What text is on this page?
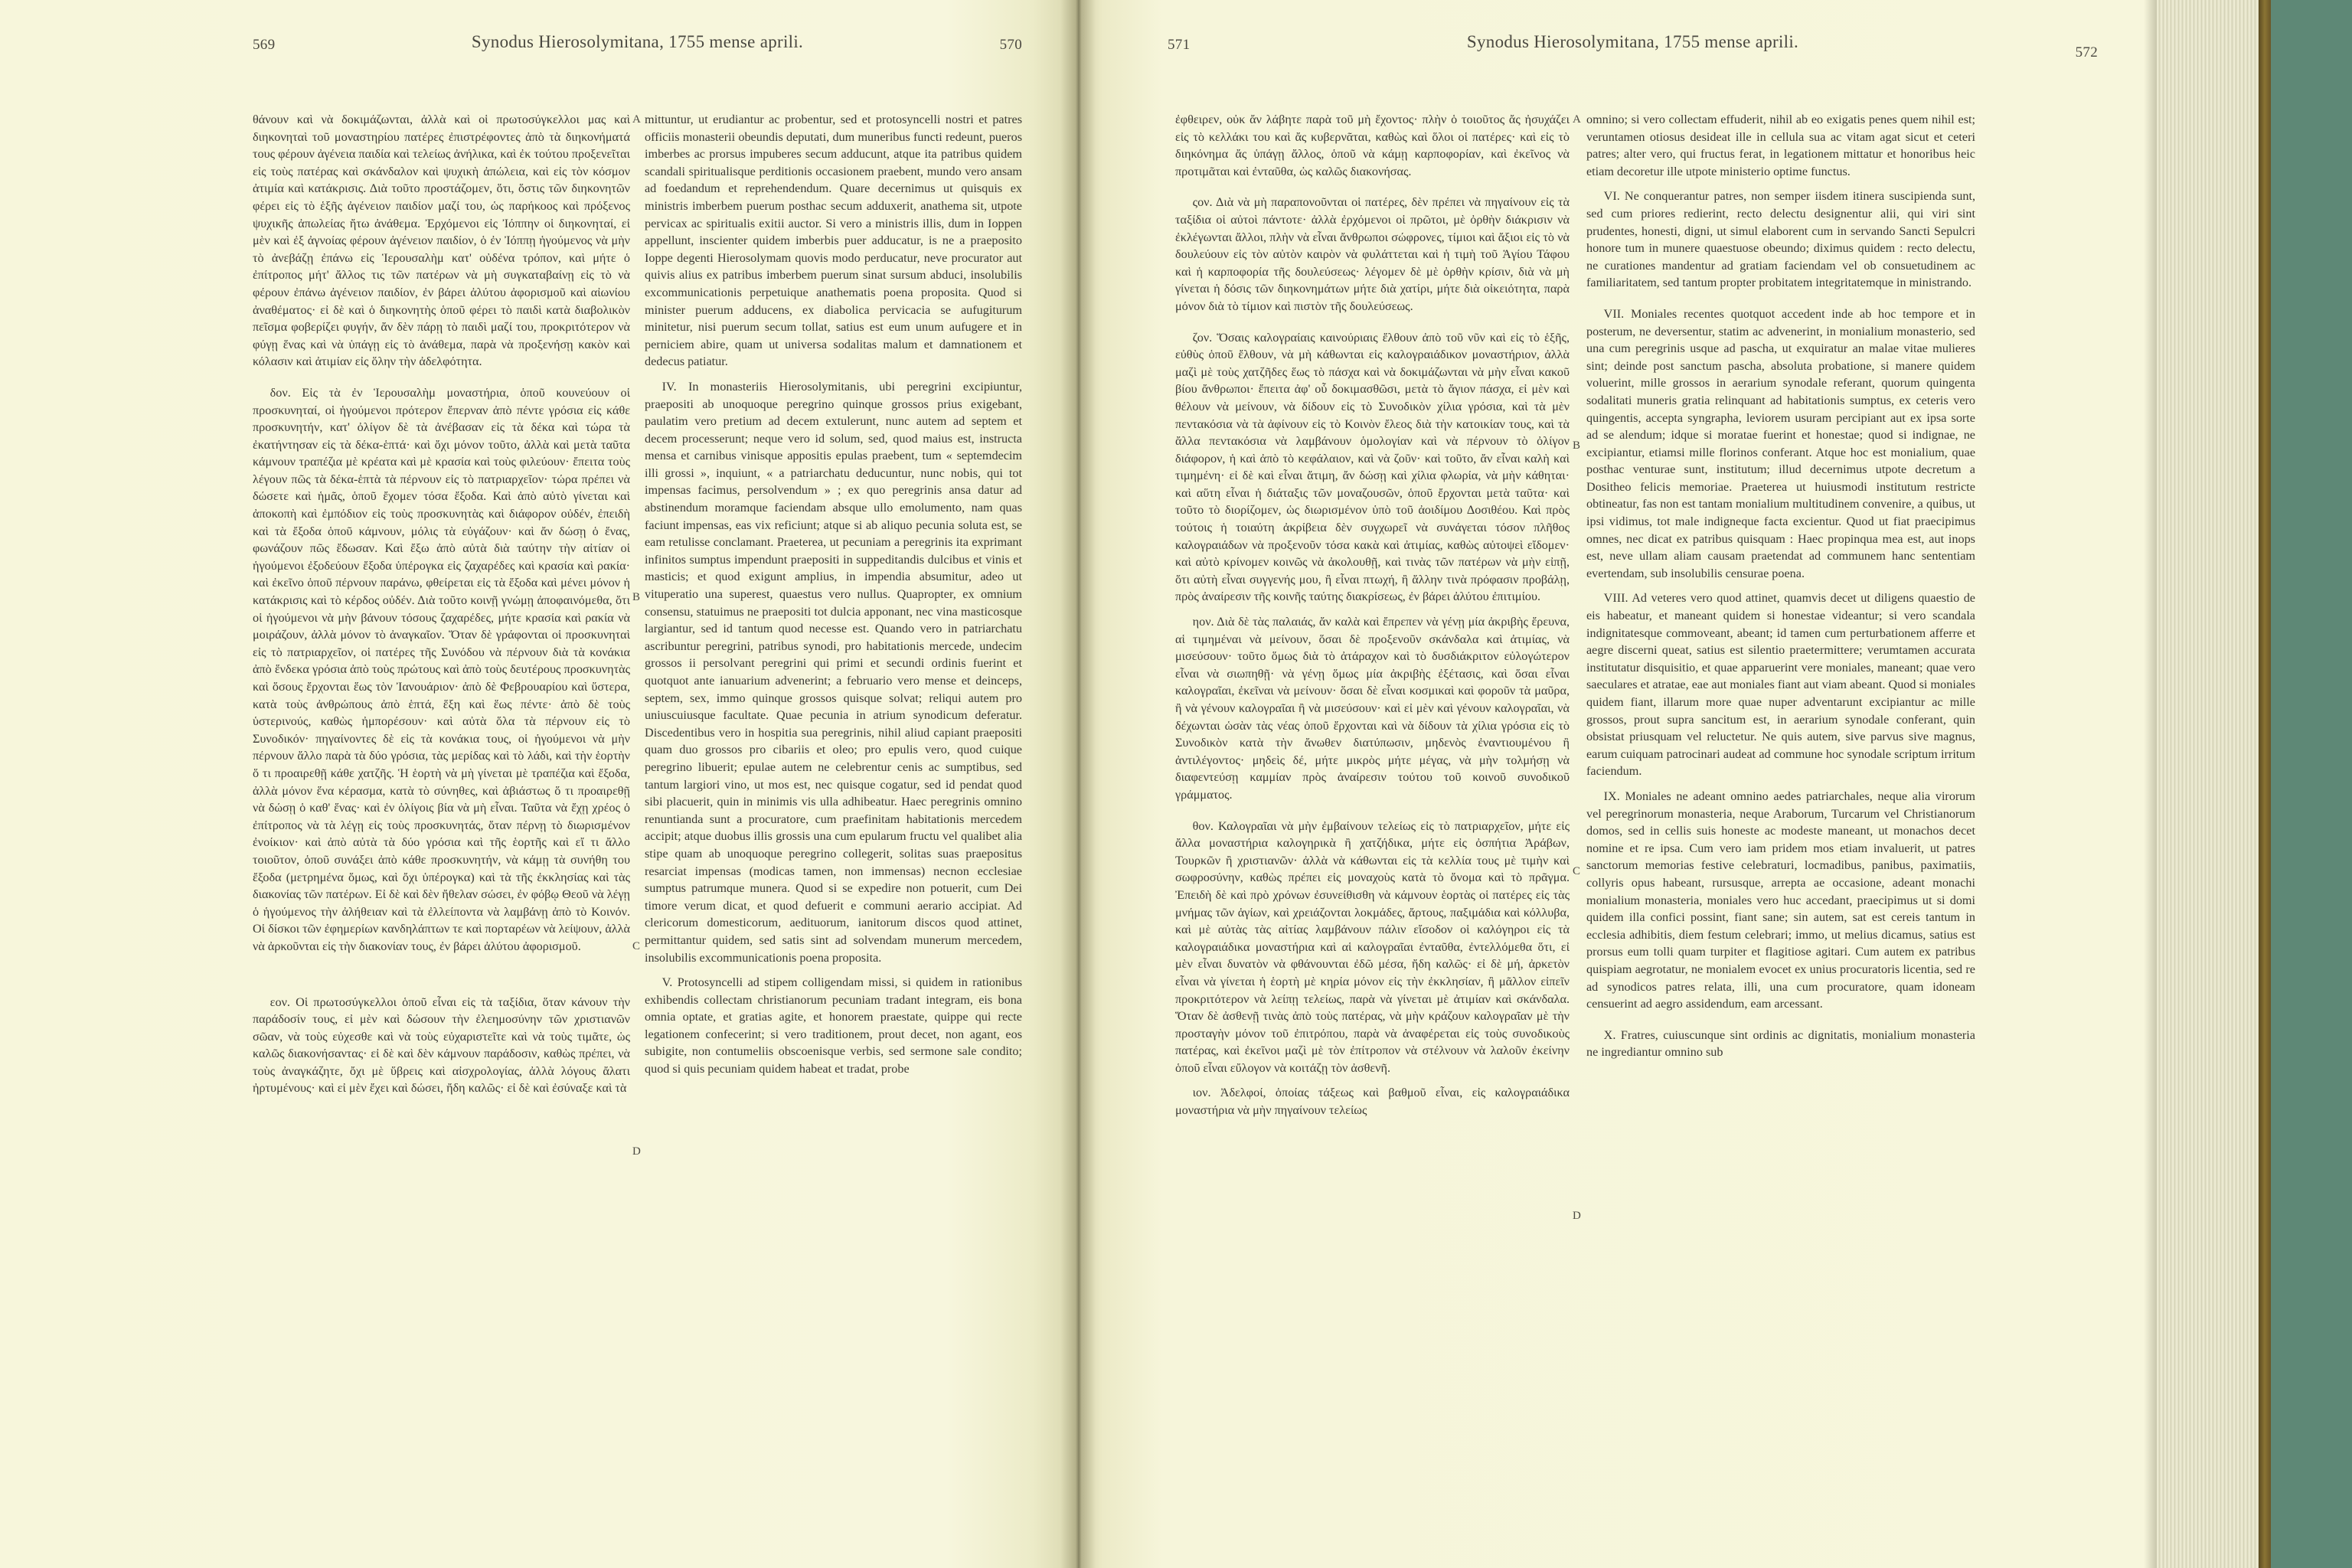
569	Synodus Hierosolymitana, 1755 mense aprili.	570

θάνουν καὶ νὰ δοκιμάζωνται, ἀλλὰ καὶ οἱ πρωτοσύγκελλοι μας καὶ διηκονηταὶ τοῦ μοναστηρίου πατέρες ἐπιστρέφοντες ἀπὸ τὰ διηκονήματά τους φέρουν ἀγένεια παιδία καὶ τελείως ἀνήλικα, καὶ ἐκ τούτου προξενεῖται εἰς τοὺς πατέρας καὶ σκάνδαλον καὶ ψυχικὴ ἀπώλεια, καὶ εἰς τὸν κόσμον ἀτιμία καὶ κατάκρισις. Διὰ τοῦτο προστάζομεν, ὅτι, ὅστις τῶν διηκονητῶν φέρει εἰς τὸ ἑξῆς ἀγένειον παιδίον μαζί του, ὡς παρήκοος καὶ πρόξενος ψυχικῆς ἀπωλείας ἤτω ἀνάθεμα. Ἐρχόμενοι εἰς Ἰόππην οἱ διηκονηταί, εἰ μὲν καὶ ἐξ ἀγνοίας φέρουν ἀγένειον παιδίον, ὁ ἐν Ἰόππῃ ἡγούμενος νὰ μὴν τὸ ἀνεβάζῃ ἐπάνω εἰς Ἱερουσαλὴμ κατ' οὐδένα τρόπον, καὶ μήτε ὁ ἐπίτροπος μήτ' ἄλλος τις τῶν πατέρων νὰ μὴ συγκαταβαίνῃ εἰς τὸ νὰ φέρουν ἐπάνω ἀγένειον παιδίον, ἐν βάρει ἀλύτου ἀφορισμοῦ καὶ αἰωνίου ἀναθέματος· εἰ δὲ καὶ ὁ διηκονητὴς ὁποῦ φέρει τὸ παιδὶ κατὰ διαβολικὸν πεῖσμα φοβερίζει φυγήν, ἄν δὲν πάρῃ τὸ παιδὶ μαζί του, προκριτότερον νὰ φύγῃ ἕνας καὶ νὰ ὑπάγῃ εἰς τὸ ἀνάθεμα, παρὰ νὰ προξενήσῃ κακὸν καὶ κόλασιν καὶ ἀτιμίαν εἰς ὅλην τὴν ἀδελφότητα.

δον. Εἰς τὰ ἐν Ἱερουσαλὴμ μοναστήρια, ὁποῦ κουνεύουν οἱ προσκυνηταί, οἱ ἡγούμενοι πρότερον ἔπερναν ἀπὸ πέντε γρόσια εἰς κάθε προσκυνητήν, κατ' ὀλίγον δὲ τὰ ἀνέβασαν εἰς τὰ δέκα καὶ τώρα τὰ ἐκατήντησαν εἰς τὰ δέκα-ἑπτά· καὶ ὄχι μόνον τοῦτο, ἀλλὰ καὶ μετὰ ταῦτα κάμνουν τραπέζια μὲ κρέατα καὶ μὲ κρασία καὶ τοὺς φιλεύουν· ἔπειτα τοὺς λέγουν πῶς τὰ δέκα-ἑπτὰ τὰ πέρνουν εἰς τὸ πατριαρχεῖον· τώρα πρέπει νὰ δώσετε καὶ ἡμᾶς, ὁποῦ ἔχομεν τόσα ἔξοδα. Καὶ ἀπὸ αὐτὸ γίνεται καὶ ἀποκοπὴ καὶ ἐμπόδιον εἰς τοὺς προσκυνητὰς καὶ διάφορον οὐδέν, ἐπειδὴ καὶ τὰ ἔξοδα ὁποῦ κάμνουν, μόλις τὰ εὐγάζουν· καὶ ἄν δώσῃ ὁ ἕνας, φωνάζουν πῶς ἔδωσαν. Καὶ ἔξω ἀπὸ αὐτὰ διὰ ταύτην τὴν αἰτίαν οἱ ἡγούμενοι ἐξοδεύουν ἔξοδα ὑπέρογκα εἰς ζαχαρέδες καὶ κρασία καὶ ρακία· καὶ ἐκεῖνο ὁποῦ πέρνουν παράνω, φθείρεται εἰς τὰ ἔξοδα καὶ μένει μόνον ἡ κατάκρισις καὶ τὸ κέρδος οὐδέν. Διὰ τοῦτο κοινῇ γνώμῃ ἀποφαινόμεθα, ὅτι οἱ ἡγούμενοι νὰ μὴν βάνουν τόσους ζαχαρέδες, μήτε κρασία καὶ ρακία νὰ μοιράζουν, ἀλλὰ μόνον τὸ ἀναγκαῖον. Ὅταν δὲ γράφονται οἱ προσκυνηταὶ εἰς τὸ πατριαρχεῖον, οἱ πατέρες τῆς Συνόδου νὰ πέρνουν διὰ τὰ κονάκια ἀπὸ ἕνδεκα γρόσια ἀπὸ τοὺς πρώτους καὶ ἀπὸ τοὺς δευτέρους προσκυνητὰς καὶ ὅσους ἔρχονται ἕως τὸν Ἰανουάριον· ἀπὸ δὲ Φεβρουαρίου καὶ ὕστερα, κατὰ τοὺς ἀνθρώπους ἀπὸ ἑπτά, ἕξη καὶ ἕως πέντε· ἀπὸ δὲ τοὺς ὑστερινούς, καθὼς ἠμπορέσουν· καὶ αὐτὰ ὅλα τὰ πέρνουν εἰς τὸ Συνοδικόν· πηγαίνοντες δὲ εἰς τὰ κονάκια τους, οἱ ἡγούμενοι νὰ μὴν πέρνουν ἄλλο παρὰ τὰ δύο γρόσια, τὰς μερίδας καὶ τὸ λάδι, καὶ τὴν ἑορτὴν ὅ τι προαιρεθῇ κάθε χατζῆς. Ἡ ἑορτὴ νὰ μὴ γίνεται μὲ τραπέζια καὶ ἔξοδα, ἀλλὰ μόνον ἕνα κέρασμα, κατὰ τὸ σύνηθες, καὶ ἀβιάστως ὅ τι προαιρεθῇ νὰ δώσῃ ὁ καθ' ἕνας· καὶ ἐν ὀλίγοις βία νὰ μὴ εἶναι. Ταῦτα νὰ ἔχῃ χρέος ὁ ἐπίτροπος νὰ τὰ λέγῃ εἰς τοὺς προσκυνητάς, ὅταν πέρνῃ τὸ διωρισμένον ἐνοίκιον· καὶ ἀπὸ αὐτὰ τὰ δύο γρόσια καὶ τῆς ἑορτῆς καὶ εἴ τι ἄλλο τοιοῦτον, ὁποῦ συνάξει ἀπὸ κάθε προσκυνητήν, νὰ κάμῃ τὰ συνήθη του ἔξοδα (μετρημένα ὅμως, καὶ ὄχι ὑπέρογκα) καὶ τὰ τῆς ἐκκλησίας καὶ τὰς διακονίας τῶν πατέρων. Εἰ δὲ καὶ δὲν ἤθελαν σώσει, ἐν φόβῳ Θεοῦ νὰ λέγῃ ὁ ἡγούμενος τὴν ἀλήθειαν καὶ τὰ ἐλλείποντα νὰ λαμβάνῃ ἀπὸ τὸ Κοινόν. Οἱ δίσκοι τῶν ἐφημερίων κανδηλάπτων τε καὶ πορταρέων νὰ λείψουν, ἀλλὰ νὰ ἀρκοῦνται εἰς τὴν διακονίαν τους, ἐν βάρει ἀλύτου ἀφορισμοῦ.

εον. Οἱ πρωτοσύγκελλοι ὁποῦ εἶναι εἰς τὰ ταξίδια, ὅταν κάνουν τὴν παράδοσίν τους, εἰ μὲν καὶ δώσουν τὴν ἐλεημοσύνην τῶν χριστιανῶν σῶαν, νὰ τοὺς εὐχεσθε καὶ νὰ τοὺς εὐχαριστεῖτε καὶ νὰ τοὺς τιμᾶτε, ὡς καλῶς διακονήσαντας· εἰ δὲ καὶ δὲν κάμνουν παράδοσιν, καθὼς πρέπει, νὰ τοὺς ἀναγκάζητε, ὄχι μὲ ὕβρεις καὶ αἰσχρολογίας, ἀλλὰ λόγους ἄλατι ἠρτυμένους· καὶ εἰ μὲν ἔχει καὶ δώσει, ἤδη καλῶς· εἰ δὲ καὶ ἐσύναξε καὶ τὰ

A
B
C
D

mittuntur, ut erudiantur ac probentur, sed et protosyncelli nostri et patres officiis monasterii obeundis deputati, dum muneribus functi redeunt, pueros imberbes ac prorsus impuberes secum adducunt, atque ita patribus quidem scandali spiritualisque perditionis occasionem praebent, mundo vero ansam ad foedandum et reprehendendum. Quare decernimus ut quisquis ex ministris imberbem puerum posthac secum adduxerit, anathema sit, utpote pervicax ac spiritualis exitii auctor. Si vero a ministris illis, dum in Ioppen appellunt, inscienter quidem imberbis puer adducatur, is ne a praeposito Ioppe degenti Hierosolymam quovis modo perducatur, neve procurator aut quivis alius ex patribus imberbem puerum sinat sursum abduci, insolubilis excommunicationis perpetuique anathematis poena proposita. Quod si minister puerum adducens, ex diabolica pervicacia se aufugiturum minitetur, nisi puerum secum tollat, satius est eum unum aufugere et in perniciem abire, quam ut universa sodalitas malum et damnationem et dedecus patiatur.

IV. In monasteriis Hierosolymitanis, ubi peregrini excipiuntur, praepositi ab unoquoque peregrino quinque grossos prius exigebant, paulatim vero pretium ad decem extulerunt, nunc autem ad septem et decem processerunt; neque vero id solum, sed, quod maius est, instructa mensa et carnibus vinisque appositis epulas praebent, tum « septemdecim illi grossi », inquiunt, « a patriarchatu deducuntur, nunc nobis, qui tot impensas facimus, persolvendum » ; ex quo peregrinis ansa datur ad abstinendum moramque faciendam absque ullo emolumento, nam quas faciunt impensas, eas vix reficiunt; atque si ab aliquo pecunia soluta est, se eam retulisse conclamant. Praeterea, ut pecuniam a peregrinis ita exprimant infinitos sumptus impendunt praepositi in suppeditandis dulcibus et vinis et masticis; et quod exigunt amplius, in impendia absumitur, adeo ut vituperatio una superest, quaestus vero nullus. Quapropter, ex omnium consensu, statuimus ne praepositi tot dulcia apponant, nec vina masticosque largiantur, sed id tantum quod necesse est. Quando vero in patriarchatu ascribuntur peregrini, patribus synodi, pro habitationis mercede, undecim grossos ii persolvant peregrini qui primi et secundi ordinis fuerint et quotquot ante ianuarium advenerint; a februario vero mense et deinceps, septem, sex, immo quinque grossos quisque solvat; reliqui autem pro uniuscuiusque facultate. Quae pecunia in atrium synodicum deferatur. Discedentibus vero in hospitia sua peregrinis, nihil aliud capiant praepositi quam duo grossos pro cibariis et oleo; pro epulis vero, quod cuique peregrino libuerit; epulae autem ne celebrentur cenis ac sumptibus, sed tantum largiori vino, ut mos est, nec quisque cogatur, sed id pendat quod sibi placuerit, quin in minimis vis ulla adhibeatur. Haec peregrinis omnino renuntianda sunt a procuratore, cum praefinitam habitationis mercedem accipit; atque duobus illis grossis una cum epularum fructu vel qualibet alia stipe quam ab unoquoque peregrino collegerit, solitas suas praepositus resarciat impensas (modicas tamen, non immensas) necnon ecclesiae sumptus patrumque munera. Quod si se expedire non potuerit, cum Dei timore verum dicat, et quod defuerit e communi aerario accipiat. Ad clericorum domesticorum, aedituorum, ianitorum discos quod attinet, permittantur quidem, sed satis sint ad solvendam munerum mercedem, insolubilis excommunicationis poena proposita.

V. Protosyncelli ad stipem colligendam missi, si quidem in rationibus exhibendis collectam christianorum pecuniam tradant integram, eis bona omnia optate, et gratias agite, et honorem praestate, quippe qui recte legationem confecerint; si vero traditionem, prout decet, non agant, eos subigite, non contumeliis obscoenisque verbis, sed sermone sale condito; quod si quis pecuniam quidem habeat et tradat, probe

571	Synodus Hierosolymitana, 1755 mense aprili.
572

ἐφθειρεν, οὐκ ἄν λάβητε παρὰ τοῦ μὴ ἔχοντος· πλὴν ὁ τοιοῦτος ἄς ἠσυχάζει εἰς τὸ κελλάκι του καὶ ἄς κυβερνᾶται, καθὼς καὶ ὅλοι οἱ πατέρες· καὶ εἰς τὸ διηκόνημα ἄς ὑπάγῃ ἄλλος, ὁποῦ νὰ κάμῃ καρποφορίαν, καὶ ἐκεῖνος νὰ προτιμᾶται καὶ ἐνταῦθα, ὡς καλῶς διακονήσας.

ςον. Διὰ νὰ μὴ παραπονοῦνται οἱ πατέρες, δὲν πρέπει νὰ πηγαίνουν εἰς τὰ ταξίδια οἱ αὐτοὶ πάντοτε· ἀλλὰ ἐρχόμενοι οἱ πρῶτοι, μὲ ὀρθὴν διάκρισιν νὰ ἐκλέγωνται ἄλλοι, πλὴν νὰ εἶναι ἄνθρωποι σώφρονες, τίμιοι καὶ ἄξιοι εἰς τὸ νὰ δουλεύουν εἰς τὸν αὐτὸν καιρὸν νὰ φυλάττεται καὶ ἡ τιμὴ τοῦ Ἁγίου Τάφου καὶ ἡ καρποφορία τῆς δουλεύσεως· λέγομεν δὲ μὲ ὀρθὴν κρίσιν, διὰ νὰ μὴ γίνεται ἡ δόσις τῶν διηκονημάτων μήτε διὰ χατίρι, μήτε διὰ οἰκειότητα, παρὰ μόνον διὰ τὸ τίμιον καὶ πιστὸν τῆς δουλεύσεως.

ζον. Ὅσαις καλογραίαις καινούριαις ἔλθουν ἀπὸ τοῦ νῦν καὶ εἰς τὸ ἑξῆς, εὐθὺς ὁποῦ ἔλθουν, νὰ μὴ κάθωνται εἰς καλογραιάδικον μοναστήριον, ἀλλὰ μαζὶ μὲ τοὺς χατζῆδες ἕως τὸ πάσχα καὶ νὰ δοκιμάζωνται νὰ μὴν εἶναι κακοῦ βίου ἄνθρωποι· ἔπειτα ἀφ' οὗ δοκιμασθῶσι, μετὰ τὸ ἅγιον πάσχα, εἰ μὲν καὶ θέλουν νὰ μείνουν, νὰ δίδουν εἰς τὸ Συνοδικὸν χίλια γρόσια, καὶ τὰ μὲν πεντακόσια νὰ τὰ ἀφίνουν εἰς τὸ Κοινὸν ἔλεος διὰ τὴν κατοικίαν τους, καὶ τὰ ἄλλα πεντακόσια νὰ λαμβάνουν ὁμολογίαν καὶ νὰ πέρνουν τὸ ὀλίγον διάφορον, ἡ καὶ ἀπὸ τὸ κεφάλαιον, καὶ νὰ ζοῦν· καὶ τοῦτο, ἄν εἶναι καλὴ καὶ τιμημένη· εἰ δὲ καὶ εἶναι ἄτιμη, ἄν δώσῃ καὶ χίλια φλωρία, νὰ μὴν κάθηται· καὶ αὕτη εἶναι ἡ διάταξις τῶν μοναζουσῶν, ὁποῦ ἔρχονται μετὰ ταῦτα· καὶ τοῦτο τὸ διορίζομεν, ὡς διωρισμένον ὑπὸ τοῦ ἀοιδίμου Δοσιθέου. Καὶ πρὸς τούτοις ἡ τοιαύτη ἀκρίβεια δὲν συγχωρεῖ νὰ συνάγεται τόσον πλῆθος καλογραιάδων νὰ προξενοῦν τόσα κακὰ καὶ ἀτιμίας, καθὼς αὐτοψεὶ εἴδομεν· καὶ αὐτὸ κρίνομεν κοινῶς νὰ ἀκολουθῇ, καὶ τινὰς τῶν πατέρων νὰ μὴν εἰπῇ, ὅτι αὐτὴ εἶναι συγγενής μου, ἢ εἶναι πτωχή, ἢ ἄλλην τινὰ πρόφασιν προβάλῃ, πρὸς ἀναίρεσιν τῆς κοινῆς ταύτης διακρίσεως, ἐν βάρει ἀλύτου ἐπιτιμίου.

ηον. Διὰ δὲ τὰς παλαιάς, ἄν καλὰ καὶ ἔπρεπεν νὰ γένῃ μία ἀκριβὴς ἔρευνα, αἱ τιμημέναι νὰ μείνουν, ὅσαι δὲ προξενοῦν σκάνδαλα καὶ ἀτιμίας, νὰ μισεύσουν· τοῦτο ὅμως διὰ τὸ ἀτάραχον καὶ τὸ δυσδιάκριτον εὐλογώτερον εἶναι νὰ σιωπηθῇ· νὰ γένῃ ὅμως μία ἀκριβὴς ἐξέτασις, καὶ ὅσαι εἶναι καλογραῖαι, ἐκεῖναι νὰ μείνουν· ὅσαι δὲ εἶναι κοσμικαὶ καὶ φοροῦν τὰ μαῦρα, ἢ νὰ γένουν καλογραῖαι ἢ νὰ μισεύσουν· καὶ εἰ μὲν καὶ γένουν καλογραῖαι, νὰ δέχωνται ὡσὰν τὰς νέας ὁποῦ ἔρχονται καὶ νὰ δίδουν τὰ χίλια γρόσια εἰς τὸ Συνοδικὸν κατὰ τὴν ἄνωθεν διατύπωσιν, μηδενὸς ἐναντιουμένου ἢ ἀντιλέγοντος· μηδεὶς δέ, μήτε μικρὸς μήτε μέγας, νὰ μὴν τολμήσῃ νὰ διαφεντεύσῃ καμμίαν πρὸς ἀναίρεσιν τούτου τοῦ κοινοῦ συνοδικοῦ γράμματος.

θον. Καλογραῖαι νὰ μὴν ἐμβαίνουν τελείως εἰς τὸ πατριαρχεῖον, μήτε εἰς ἄλλα μοναστήρια καλογηρικὰ ἢ χατζήδικα, μήτε εἰς ὀσπήτια Ἀράβων, Τουρκῶν ἢ χριστιανῶν· ἀλλὰ νὰ κάθωνται εἰς τὰ κελλία τους μὲ τιμὴν καὶ σωφροσύνην, καθὼς πρέπει εἰς μοναχοὺς κατὰ τὸ ὄνομα καὶ τὸ πρᾶγμα. Ἐπειδὴ δὲ καὶ πρὸ χρόνων ἐσυνείθισθη νὰ κάμνουν ἑορτὰς οἱ πατέρες εἰς τὰς μνήμας τῶν ἁγίων, καὶ χρειάζονται λοκμάδες, ἄρτους, παξιμάδια καὶ κόλλυβα, καὶ μὲ αὐτὰς τὰς αἰτίας λαμβάνουν πάλιν εἴσοδον οἱ καλόγηροι εἰς τὰ καλογραιάδικα μοναστήρια καὶ αἱ καλογραῖαι ἐνταῦθα, ἐντελλόμεθα ὅτι, εἰ μὲν εἶναι δυνατὸν νὰ φθάνουνται ἐδῶ μέσα, ἤδη καλῶς· εἰ δὲ μή, ἀρκετὸν εἶναι νὰ γίνεται ἡ ἑορτὴ μὲ κηρία μόνον εἰς τὴν ἐκκλησίαν, ἢ μᾶλλον εἰπεῖν προκριτότερον νὰ λείπῃ τελείως, παρὰ νὰ γίνεται μὲ ἀτιμίαν καὶ σκάνδαλα. Ὅταν δὲ ἀσθενῇ τινὰς ἀπὸ τοὺς πατέρας, νὰ μὴν κράζουν καλογραῖαν μὲ τὴν προσταγὴν μόνον τοῦ ἐπιτρόπου, παρὰ νὰ ἀναφέρεται εἰς τοὺς συνοδικοὺς πατέρας, καὶ ἐκεῖνοι μαζὶ μὲ τὸν ἐπίτροπον νὰ στέλνουν νὰ λαλοῦν ἐκείνην ὁποῦ εἶναι εὔλογον νὰ κοιτάζῃ τὸν ἀσθενῆ.

ιον. Ἀδελφοί, ὁποίας τάξεως καὶ βαθμοῦ εἶναι, εἰς καλογραιάδικα μοναστήρια νὰ μὴν πηγαίνουν τελείως

A
B
C
D

omnino; si vero collectam effuderit, nihil ab eo exigatis penes quem nihil est; veruntamen otiosus desideat ille in cellula sua ac vitam agat sicut et ceteri patres; alter vero, qui fructus ferat, in legationem mittatur et honoribus heic etiam decoretur ille utpote ministerio optime functus.

VI. Ne conquerantur patres, non semper iisdem itinera suscipienda sunt, sed cum priores redierint, recto delectu designentur alii, qui viri sint prudentes, honesti, digni, ut simul elaborent cum in servando Sancti Sepulcri honore tum in munere quaestuose obeundo; diximus quidem : recto delectu, ne curationes mandentur ad gratiam faciendam vel ob consuetudinem ac familiaritatem, sed tantum propter probitatem integritatemque in ministrando.

VII. Moniales recentes quotquot accedent inde ab hoc tempore et in posterum, ne deversentur, statim ac advenerint, in monialium monasterio, sed una cum peregrinis usque ad pascha, ut exquiratur an malae vitae mulieres sint; deinde post sanctum pascha, absoluta probatione, si manere quidem voluerint, mille grossos in aerarium synodale referant, quorum quingenta sodalitati muneris gratia relinquant ad habitationis sumptus, ex ceteris vero quingentis, accepta syngrapha, leviorem usuram percipiant aut ex ipsa sorte ad se alendum; idque si moratae fuerint et honestae; quod si indignae, ne excipiantur, etiamsi mille florinos conferant. Atque hoc est monialium, quae posthac venturae sunt, institutum; illud decernimus utpote decretum a Dositheo felicis memoriae. Praeterea ut huiusmodi institutum restricte obtineatur, fas non est tantam monialium multitudinem convenire, a quibus, ut ipsi vidimus, tot male indigneque facta excientur. Quod ut fiat praecipimus omnes, nec dicat ex patribus quisquam : Haec propinqua mea est, aut inops est, neve ullam aliam causam praetendat ad communem hanc sententiam evertendam, sub insolubilis censurae poena.

VIII. Ad veteres vero quod attinet, quamvis decet ut diligens quaestio de eis habeatur, et maneant quidem si honestae videantur; si vero scandala indignitatesque commoveant, abeant; id tamen cum perturbationem afferre et aegre discerni queat, satius est silentio praetermittere; verumtamen accurata institutatur disquisitio, et quae apparuerint vere moniales, maneant; quae vero saeculares et atratae, eae aut moniales fiant aut viam abeant. Quod si moniales quidem fiant, illarum more quae nuper adventarunt excipiantur ac mille grossos, prout supra sancitum est, in aerarium synodale conferant, quin obsistat priusquam vel reluctetur. Ne quis autem, sive parvus sive magnus, earum cuiquam patrocinari audeat ad commune hoc synodale scriptum irritum faciendum.

IX. Moniales ne adeant omnino aedes patriarchales, neque alia virorum vel peregrinorum monasteria, neque Araborum, Turcarum vel Christianorum domos, sed in cellis suis honeste ac modeste maneant, ut monachos decet nomine et re ipsa. Cum vero iam pridem mos etiam invaluerit, ut patres sanctorum memorias festive celebraturi, locmadibus, panibus, paximatiis, collyris opus habeant, rursusque, arrepta ae occasione, adeant monachi monialium monasteria, moniales vero huc accedant, praecipimus ut si domi quidem illa confici possint, fiant sane; sin autem, sat est cereis tantum in ecclesia adhibitis, diem festum celebrari; immo, ut melius dicamus, satius est prorsus eum tolli quam turpiter et flagitiose agitari. Cum autem ex patribus quispiam aegrotatur, ne monialem evocet ex unius procuratoris licentia, sed re ad synodicos patres relata, illi, una cum procuratore, quam idoneam censuerint ad aegro assidendum, eam arcessant.

X. Fratres, cuiuscunque sint ordinis ac dignitatis, monialium monasteria ne ingrediantur omnino sub
